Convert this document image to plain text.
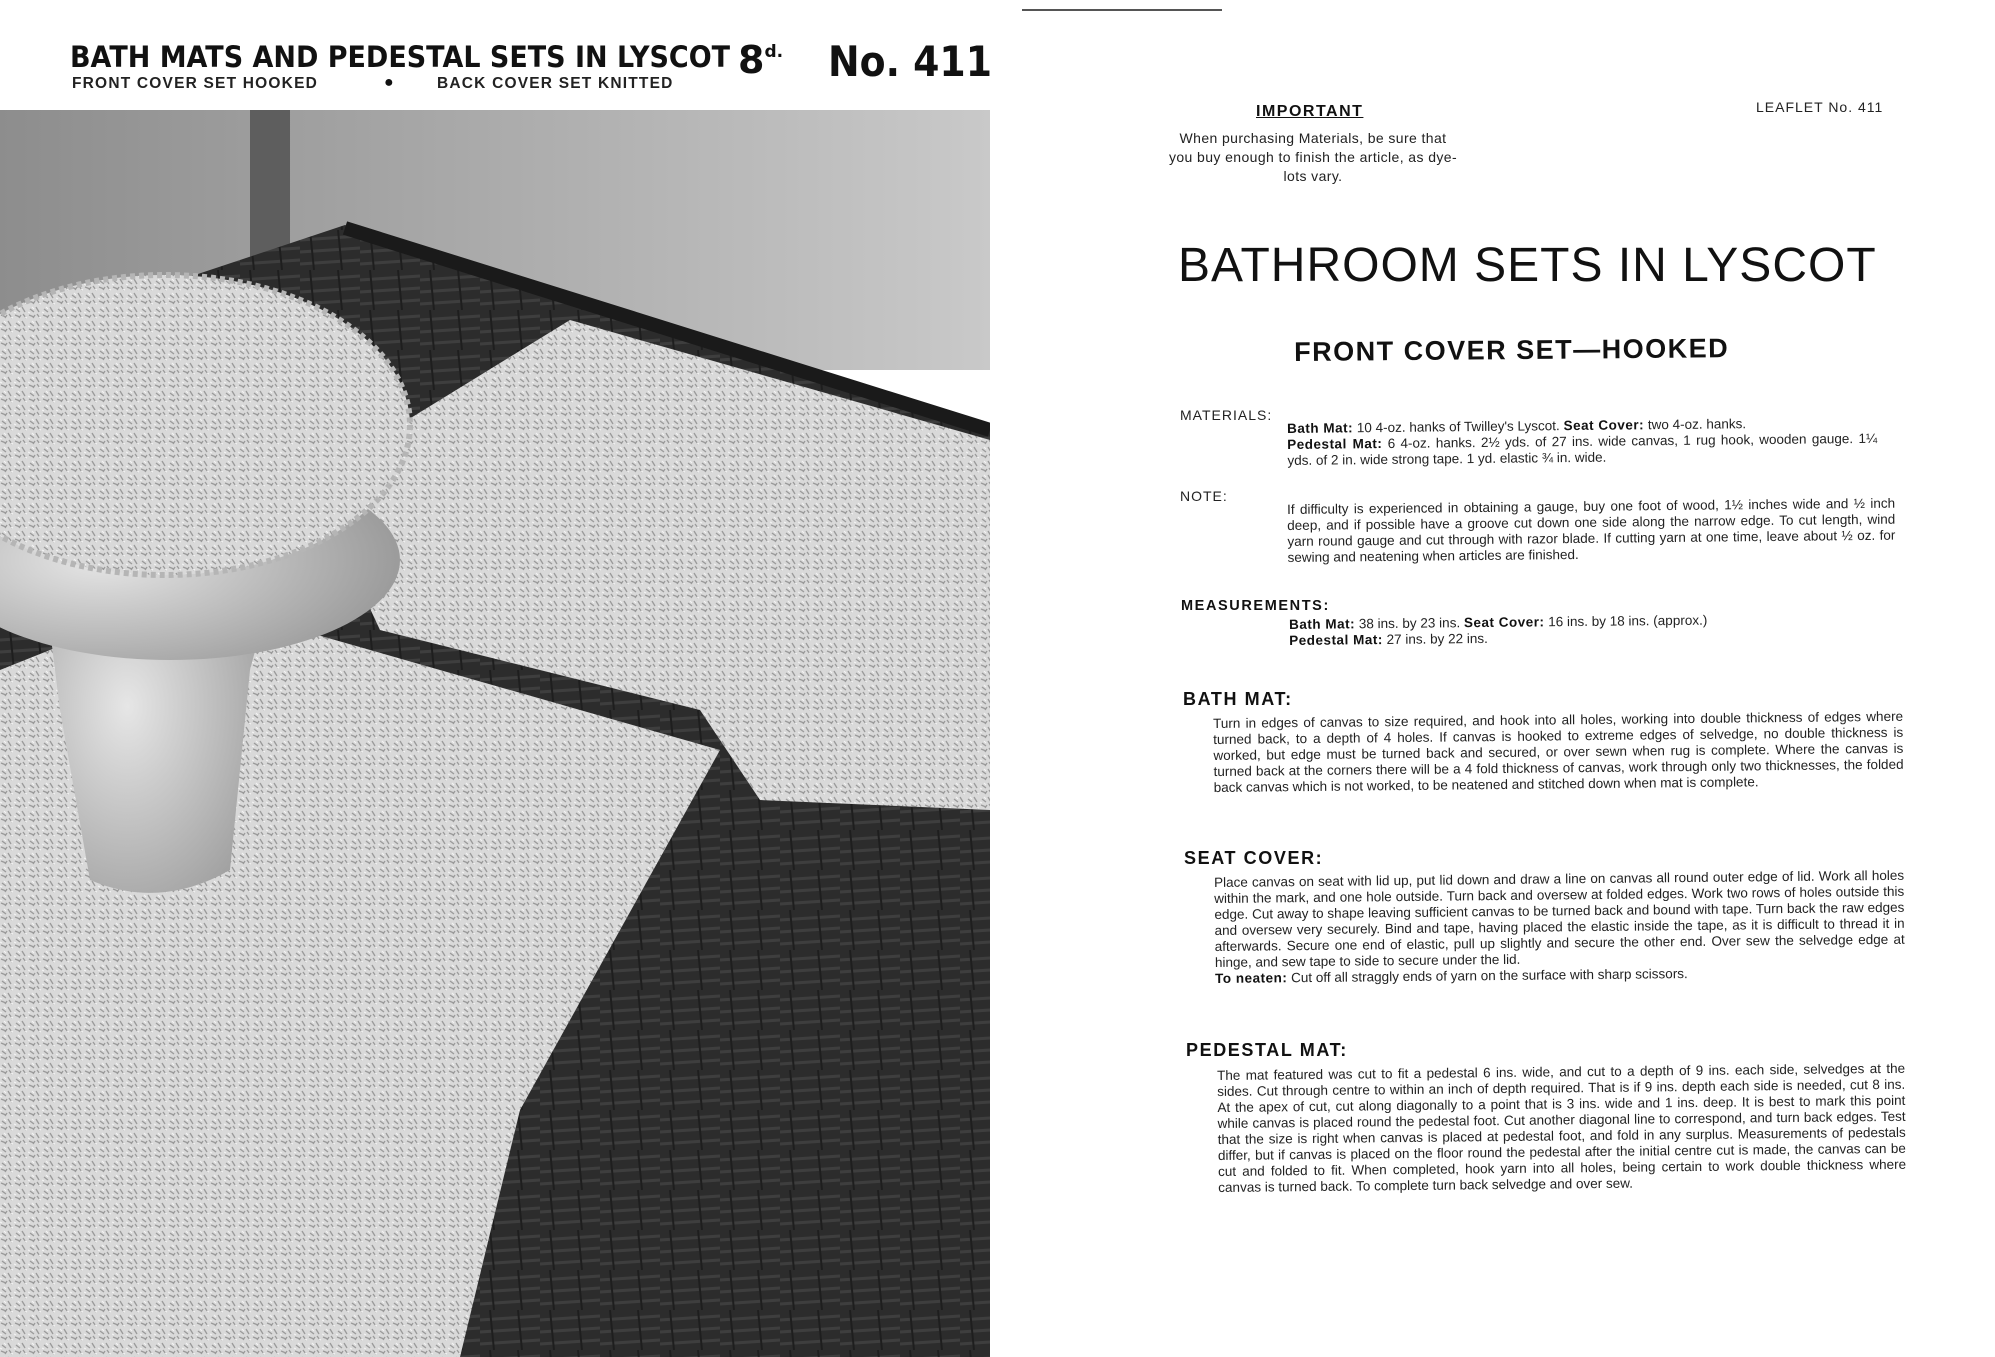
BATH MATS AND PEDESTAL SETS IN LYSCOT
FRONT COVER SET HOOKED	●	BACK COVER SET KNITTED
$8^{d.}$ No. 411
IMPORTANT
When purchasing Materials, be sure that you buy enough to finish the article, as dye-lots vary.
LEAFLET No. 411
BATHROOM SETS IN LYSCOT
FRONT COVER SET—HOOKED
MATERIALS:
Bath Mat: 10 4-oz. hanks of Twilley's Lyscot. Seat Cover: two 4-oz. hanks.
Pedestal Mat: 6 4-oz. hanks. 2½ yds. of 27 ins. wide canvas, 1 rug hook, wooden gauge. 1¼ yds. of 2 in. wide strong tape. 1 yd. elastic ¾ in. wide.
NOTE:	If difficulty is experienced in obtaining a gauge, buy one foot of wood, 1½ inches wide and ½ inch deep, and if possible have a groove cut down one side along the narrow edge. To cut length, wind yarn round gauge and cut through with razor blade. If cutting yarn at one time, leave about ½ oz. for sewing and neatening when articles are finished.
MEASUREMENTS:
Bath Mat: 38 ins. by 23 ins. Seat Cover: 16 ins. by 18 ins. (approx.)
Pedestal Mat: 27 ins. by 22 ins.
BATH MAT:
Turn in edges of canvas to size required, and hook into all holes, working into double thickness of edges where turned back, to a depth of 4 holes. If canvas is hooked to extreme edges of selvedge, no double thickness is worked, but edge must be turned back and secured, or over sewn when rug is complete. Where the canvas is turned back at the corners there will be a 4 fold thickness of canvas, work through only two thicknesses, the folded back canvas which is not worked, to be neatened and stitched down when mat is complete.
SEAT COVER:
Place canvas on seat with lid up, put lid down and draw a line on canvas all round outer edge of lid. Work all holes within the mark, and one hole outside. Turn back and oversew at folded edges. Work two rows of holes outside this edge. Cut away to shape leaving sufficient canvas to be turned back and bound with tape. Turn back the raw edges and oversew very securely. Bind and tape, having placed the elastic inside the tape, as it is difficult to thread it in afterwards. Secure one end of elastic, pull up slightly and secure the other end. Over sew the selvedge edge at hinge, and sew tape to side to secure under the lid.
To neaten: Cut off all straggly ends of yarn on the surface with sharp scissors.
PEDESTAL MAT:
The mat featured was cut to fit a pedestal 6 ins. wide, and cut to a depth of 9 ins. each side, selvedges at the sides. Cut through centre to within an inch of depth required. That is if 9 ins. depth each side is needed, cut 8 ins. At the apex of cut, cut along diagonally to a point that is 3 ins. wide and 1 ins. deep. It is best to mark this point while canvas is placed round the pedestal foot. Cut another diagonal line to correspond, and turn back edges. Test that the size is right when canvas is placed at pedestal foot, and fold in any surplus. Measurements of pedestals differ, but if canvas is placed on the floor round the pedestal after the initial centre cut is made, the canvas can be cut and folded to fit. When completed, hook yarn into all holes, being certain to work double thickness where canvas is turned back. To complete turn back selvedge and over sew.
